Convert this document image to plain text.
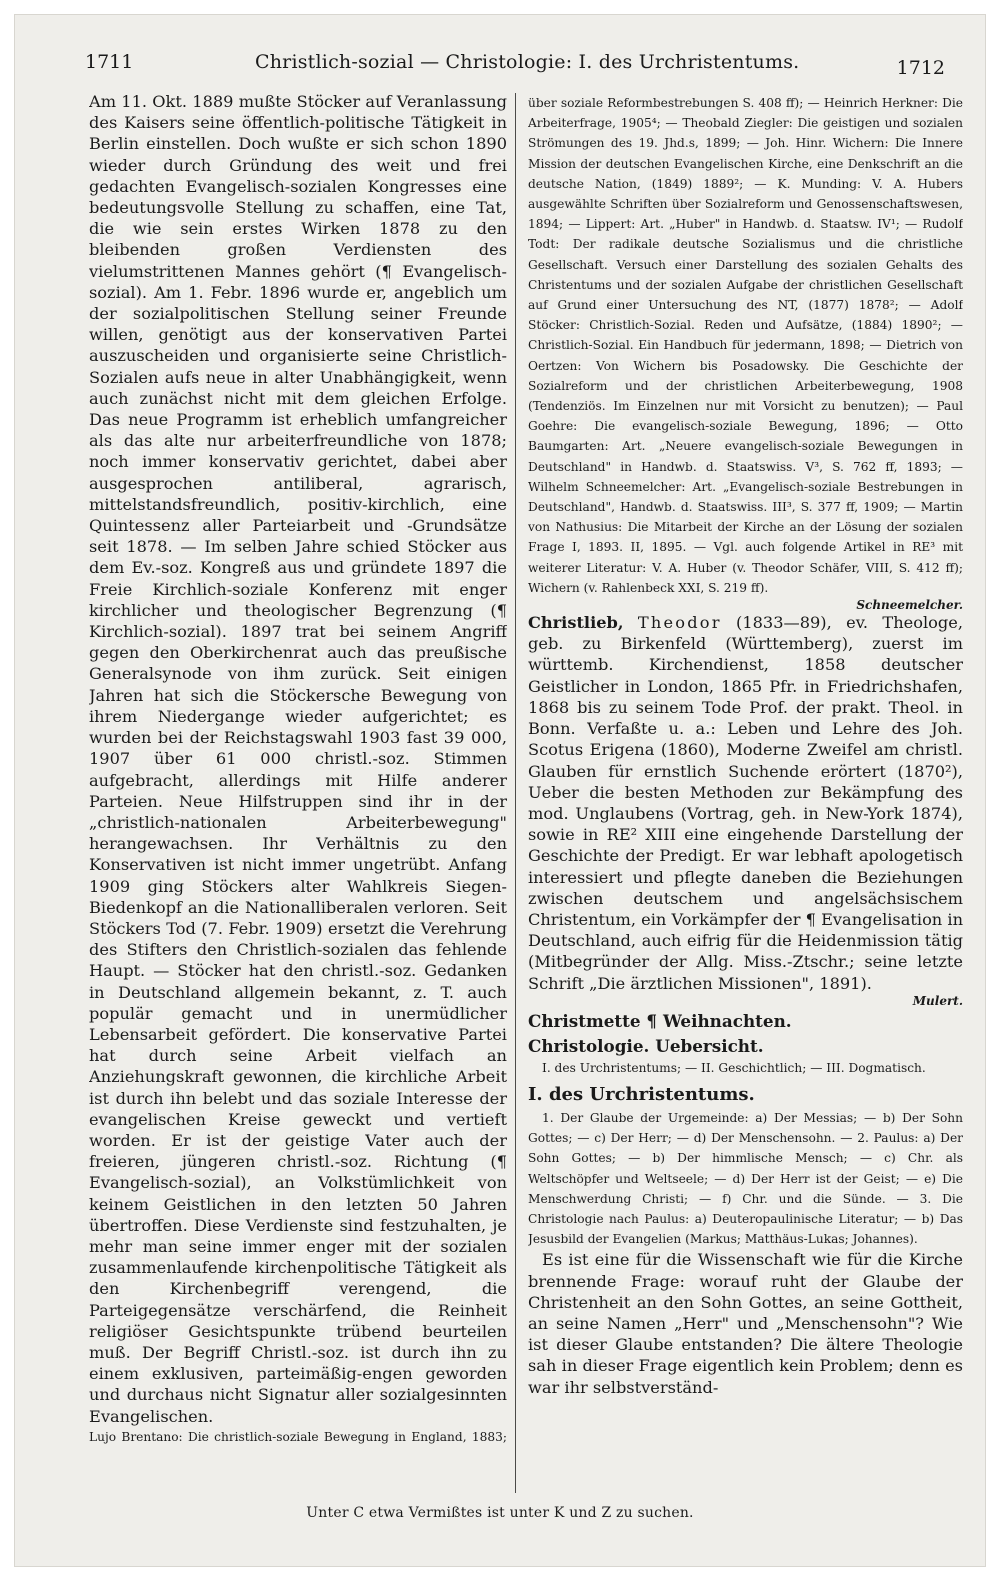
1711	Christlich-sozial — Christologie: I. des Urchristentums.	1712

Am 11. Okt. 1889 mußte Stöcker auf Veranlassung des Kaisers seine öffentlich-politische Tätigkeit in Berlin einstellen. Doch wußte er sich schon 1890 wieder durch Gründung des weit und frei gedachten Evangelisch-sozialen Kongresses eine bedeutungsvolle Stellung zu schaffen, eine Tat, die wie sein erstes Wirken 1878 zu den bleibenden großen Verdiensten des vielumstrittenen Mannes gehört (¶ Evangelisch-sozial). Am 1. Febr. 1896 wurde er, angeblich um der sozialpolitischen Stellung seiner Freunde willen, genötigt aus der konservativen Partei auszuscheiden und organisierte seine Christlich-Sozialen aufs neue in alter Unabhängigkeit, wenn auch zunächst nicht mit dem gleichen Erfolge. Das neue Programm ist erheblich umfangreicher als das alte nur arbeiterfreundliche von 1878; noch immer konservativ gerichtet, dabei aber ausgesprochen antiliberal, agrarisch, mittelstandsfreundlich, positiv-kirchlich, eine Quintessenz aller Parteiarbeit und -Grundsätze seit 1878. — Im selben Jahre schied Stöcker aus dem Ev.-soz. Kongreß aus und gründete 1897 die Freie Kirchlich-soziale Konferenz mit enger kirchlicher und theologischer Begrenzung (¶ Kirchlich-sozial). 1897 trat bei seinem Angriff gegen den Oberkirchenrat auch das preußische Generalsynode von ihm zurück. Seit einigen Jahren hat sich die Stöckersche Bewegung von ihrem Niedergange wieder aufgerichtet; es wurden bei der Reichstagswahl 1903 fast 39 000, 1907 über 61 000 christl.-soz. Stimmen aufgebracht, allerdings mit Hilfe anderer Parteien. Neue Hilfstruppen sind ihr in der „christlich-nationalen Arbeiterbewegung" herangewachsen. Ihr Verhältnis zu den Konservativen ist nicht immer ungetrübt. Anfang 1909 ging Stöckers alter Wahlkreis Siegen-Biedenkopf an die Nationalliberalen verloren. Seit Stöckers Tod (7. Febr. 1909) ersetzt die Verehrung des Stifters den Christlich-sozialen das fehlende Haupt. — Stöcker hat den christl.-soz. Gedanken in Deutschland allgemein bekannt, z. T. auch populär gemacht und in unermüdlicher Lebensarbeit gefördert. Die konservative Partei hat durch seine Arbeit vielfach an Anziehungskraft gewonnen, die kirchliche Arbeit ist durch ihn belebt und das soziale Interesse der evangelischen Kreise geweckt und vertieft worden. Er ist der geistige Vater auch der freieren, jüngeren christl.-soz. Richtung (¶ Evangelisch-sozial), an Volkstümlichkeit von keinem Geistlichen in den letzten 50 Jahren übertroffen. Diese Verdienste sind festzuhalten, je mehr man seine immer enger mit der sozialen zusammenlaufende kirchenpolitische Tätigkeit als den Kirchenbegriff verengend, die Parteigegensätze verschärfend, die Reinheit religiöser Gesichtspunkte trübend beurteilen muß. Der Begriff Christl.-soz. ist durch ihn zu einem exklusiven, parteimäßig-engen geworden und durchaus nicht Signatur aller sozialgesinnten Evangelischen.

Lujo Brentano: Die christlich-soziale Bewegung in England, 1883;

über soziale Reformbestrebungen S. 408 ff); — Heinrich Herkner: Die Arbeiterfrage, 1905⁴; — Theobald Ziegler: Die geistigen und sozialen Strömungen des 19. Jhd.s, 1899; — Joh. Hinr. Wichern: Die Innere Mission der deutschen Evangelischen Kirche, eine Denkschrift an die deutsche Nation, (1849) 1889²; — K. Munding: V. A. Hubers ausgewählte Schriften über Sozialreform und Genossenschaftswesen, 1894; — Lippert: Art. „Huber" in Handwb. d. Staatsw. IV¹; — Rudolf Todt: Der radikale deutsche Sozialismus und die christliche Gesellschaft. Versuch einer Darstellung des sozialen Gehalts des Christentums und der sozialen Aufgabe der christlichen Gesellschaft auf Grund einer Untersuchung des NT, (1877) 1878²; — Adolf Stöcker: Christlich-Sozial. Reden und Aufsätze, (1884) 1890²; — Christlich-Sozial. Ein Handbuch für jedermann, 1898; — Dietrich von Oertzen: Von Wichern bis Posadowsky. Die Geschichte der Sozialreform und der christlichen Arbeiterbewegung, 1908 (Tendenziös. Im Einzelnen nur mit Vorsicht zu benutzen); — Paul Goehre: Die evangelisch-soziale Bewegung, 1896; — Otto Baumgarten: Art. „Neuere evangelisch-soziale Bewegungen in Deutschland" in Handwb. d. Staatswiss. V³, S. 762 ff, 1893; — Wilhelm Schneemelcher: Art. „Evangelisch-soziale Bestrebungen in Deutschland", Handwb. d. Staatswiss. III³, S. 377 ff, 1909; — Martin von Nathusius: Die Mitarbeit der Kirche an der Lösung der sozialen Frage I, 1893. II, 1895. — Vgl. auch folgende Artikel in RE³ mit weiterer Literatur: V. A. Huber (v. Theodor Schäfer, VIII, S. 412 ff); Wichern (v. Rahlenbeck XXI, S. 219 ff).

Schneemelcher.

Christlieb, Theodor (1833—89), ev. Theologe, geb. zu Birkenfeld (Württemberg), zuerst im württemb. Kirchendienst, 1858 deutscher Geistlicher in London, 1865 Pfr. in Friedrichshafen, 1868 bis zu seinem Tode Prof. der prakt. Theol. in Bonn. Verfaßte u. a.: Leben und Lehre des Joh. Scotus Erigena (1860), Moderne Zweifel am christl. Glauben für ernstlich Suchende erörtert (1870²), Ueber die besten Methoden zur Bekämpfung des mod. Unglaubens (Vortrag, geh. in New-York 1874), sowie in RE² XIII eine eingehende Darstellung der Geschichte der Predigt. Er war lebhaft apologetisch interessiert und pflegte daneben die Beziehungen zwischen deutschem und angelsächsischem Christentum, ein Vorkämpfer der ¶ Evangelisation in Deutschland, auch eifrig für die Heidenmission tätig (Mitbegründer der Allg. Miss.-Ztschr.; seine letzte Schrift „Die ärztlichen Missionen", 1891).

Mulert.

Christmette ¶ Weihnachten.

Christologie. Uebersicht.

I. des Urchristentums; — II. Geschichtlich; — III. Dogmatisch.

I. des Urchristentums.

1. Der Glaube der Urgemeinde: a) Der Messias; — b) Der Sohn Gottes; — c) Der Herr; — d) Der Menschensohn. — 2. Paulus: a) Der Sohn Gottes; — b) Der himmlische Mensch; — c) Chr. als Weltschöpfer und Weltseele; — d) Der Herr ist der Geist; — e) Die Menschwerdung Christi; — f) Chr. und die Sünde. — 3. Die Christologie nach Paulus: a) Deuteropaulinische Literatur; — b) Das Jesusbild der Evangelien (Markus; Matthäus-Lukas; Johannes).

Es ist eine für die Wissenschaft wie für die Kirche brennende Frage: worauf ruht der Glaube der Christenheit an den Sohn Gottes, an seine Gottheit, an seine Namen „Herr" und „Menschensohn"? Wie ist dieser Glaube entstanden? Die ältere Theologie sah in dieser Frage eigentlich kein Problem; denn es war ihr selbstverständ-

Unter C etwa Vermißtes ist unter K und Z zu suchen.
